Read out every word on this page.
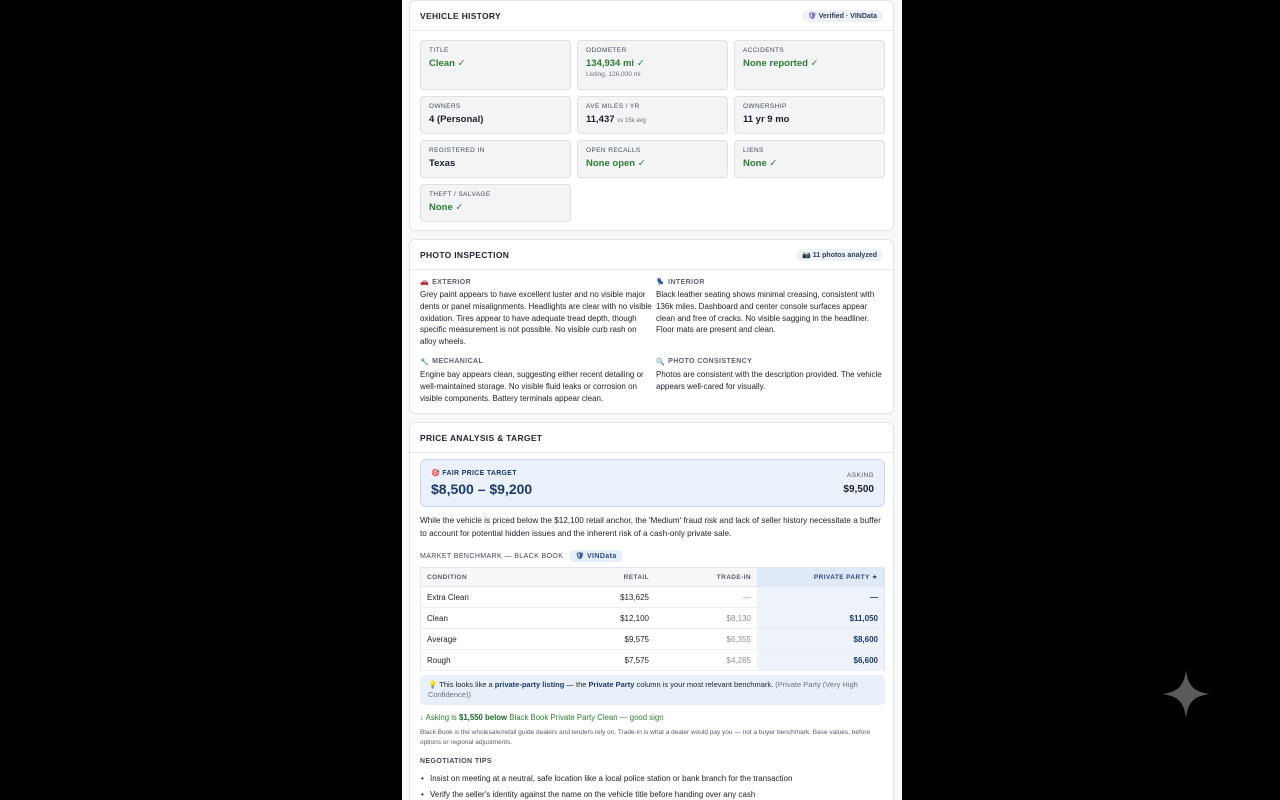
VEHICLE HISTORY	🛡 Verified · VINData
TITLE
Clean ✓
ODOMETER
134,934 mi ✓
Listing, 126,000 mi
ACCIDENTS
None reported ✓
OWNERS
4 (Personal)
AVE MILES / YR
11,437 vs 15k avg
OWNERSHIP
11 yr 9 mo
REGISTERED IN
Texas
OPEN RECALLS
None open ✓
LIENS
None ✓
THEFT / SALVAGE
None ✓
PHOTO INSPECTION	📷 11 photos analyzed
🚗 EXTERIOR
Grey paint appears to have excellent luster and no visible major dents or panel misalignments. Headlights are clear with no visible oxidation. Tires appear to have adequate tread depth, though specific measurement is not possible. No visible curb rash on alloy wheels.
💺 INTERIOR
Black leather seating shows minimal creasing, consistent with 136k miles. Dashboard and center console surfaces appear clean and free of cracks. No visible sagging in the headliner. Floor mats are present and clean.
🔧 MECHANICAL
Engine bay appears clean, suggesting either recent detailing or well-maintained storage. No visible fluid leaks or corrosion on visible components. Battery terminals appear clean.
🔍 PHOTO CONSISTENCY
Photos are consistent with the description provided. The vehicle appears well-cared for visually.
PRICE ANALYSIS & TARGET
🎯 FAIR PRICE TARGET
$8,500 – $9,200
ASKING
$9,500
While the vehicle is priced below the $12,100 retail anchor, the 'Medium' fraud risk and lack of seller history necessitate a buffer to account for potential hidden issues and the inherent risk of a cash-only private sale.
MARKET BENCHMARK — BLACK BOOK	🛡 VINData
CONDITION	RETAIL	TRADE-IN	PRIVATE PARTY ★
Extra Clean	$13,625	—	—
Clean	$12,100	$8,130	$11,050
Average	$9,575	$6,355	$8,600
Rough	$7,575	$4,285	$6,600
💡 This looks like a private-party listing — the Private Party column is your most relevant benchmark. (Private Party (Very High Confidence))
↓ Asking is $1,550 below Black Book Private Party Clean — good sign
Black Book is the wholesale/retail guide dealers and lenders rely on. Trade-in is what a dealer would pay you — not a buyer benchmark. Base values, before options or regional adjustments.
NEGOTIATION TIPS
• Insist on meeting at a neutral, safe location like a local police station or bank branch for the transaction
• Verify the seller's identity against the name on the vehicle title before handing over any cash
